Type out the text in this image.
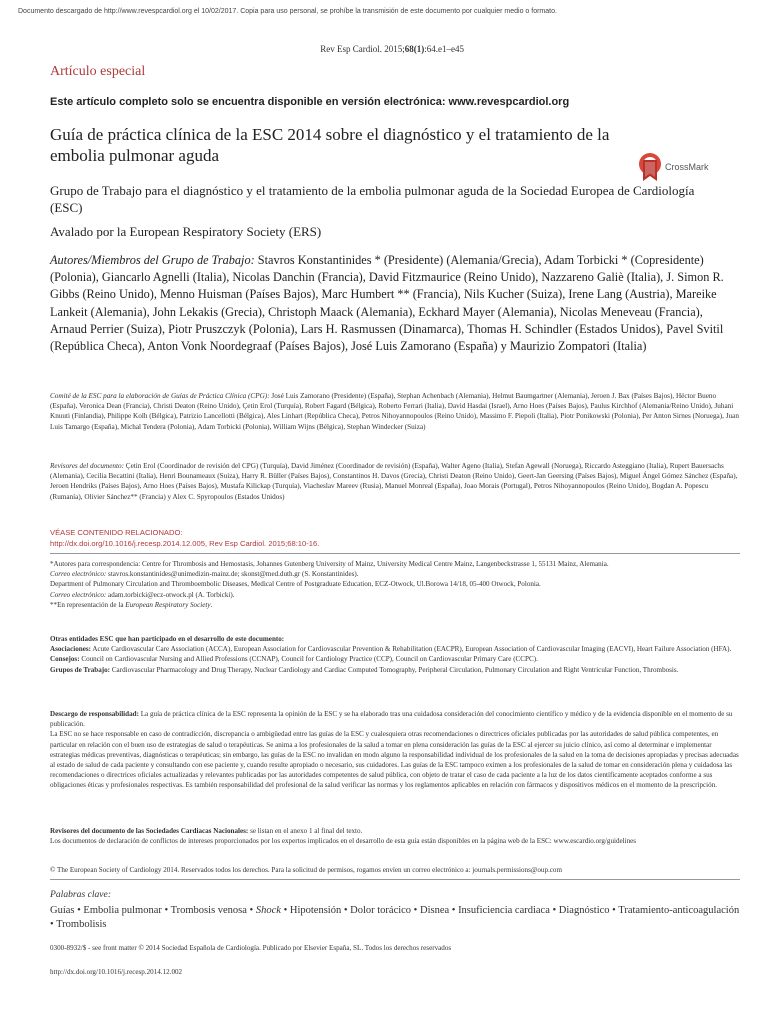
Documento descargado de http://www.revespcardiol.org el 10/02/2017. Copia para uso personal, se prohíbe la transmisión de este documento por cualquier medio o formato.
Rev Esp Cardiol. 2015;68(1):64.e1–e45
Artículo especial
Este artículo completo solo se encuentra disponible en versión electrónica: www.revespcardiol.org
Guía de práctica clínica de la ESC 2014 sobre el diagnóstico y el tratamiento de la embolia pulmonar aguda
CrossMark
Grupo de Trabajo para el diagnóstico y el tratamiento de la embolia pulmonar aguda de la Sociedad Europea de Cardiología (ESC)
Avalado por la European Respiratory Society (ERS)
Autores/Miembros del Grupo de Trabajo: Stavros Konstantinides * (Presidente) (Alemania/Grecia), Adam Torbicki * (Copresidente) (Polonia), Giancarlo Agnelli (Italia), Nicolas Danchin (Francia), David Fitzmaurice (Reino Unido), Nazzareno Galiè (Italia), J. Simon R. Gibbs (Reino Unido), Menno Huisman (Países Bajos), Marc Humbert ** (Francia), Nils Kucher (Suiza), Irene Lang (Austria), Mareike Lankeit (Alemania), John Lekakis (Grecia), Christoph Maack (Alemania), Eckhard Mayer (Alemania), Nicolas Meneveau (Francia), Arnaud Perrier (Suiza), Piotr Pruszczyk (Polonia), Lars H. Rasmussen (Dinamarca), Thomas H. Schindler (Estados Unidos), Pavel Svitil (República Checa), Anton Vonk Noordegraaf (Países Bajos), José Luis Zamorano (España) y Maurizio Zompatori (Italia)
Comité de la ESC para la elaboración de Guías de Práctica Clínica (CPG): José Luis Zamorano (Presidente) (España), Stephan Achenbach (Alemania), Helmut Baumgartner (Alemania), Jeroen J. Bax (Países Bajos), Héctor Bueno (España), Veronica Dean (Francia), Christi Deaton (Reino Unido), Çetin Erol (Turquía), Robert Fagard (Bélgica), Roberto Ferrari (Italia), David Hasdai (Israel), Arno Hoes (Países Bajos), Paulus Kirchhof (Alemania/Reino Unido), Juhani Knuuti (Finlandia), Philippe Kolh (Bélgica), Patrizio Lancellotti (Bélgica), Ales Linhart (República Checa), Petros Nihoyannopoulos (Reino Unido), Massimo F. Piepoli (Italia), Piotr Ponikowski (Polonia), Per Anton Sirnes (Noruega), Juan Luis Tamargo (España), Michal Tendera (Polonia), Adam Torbicki (Polonia), William Wijns (Bélgica), Stephan Windecker (Suiza)
Revisores del documento: Çetin Erol (Coordinador de revisión del CPG) (Turquía), David Jiménez (Coordinador de revisión) (España), Walter Ageno (Italia), Stefan Agewall (Noruega), Riccardo Asteggiano (Italia), Rupert Bauersachs (Alemania), Cecilia Becattini (Italia), Henri Bounameaux (Suiza), Harry R. Büller (Países Bajos), Constantinos H. Davos (Grecia), Christi Deaton (Reino Unido), Geert-Jan Geersing (Países Bajos), Miguel Ángel Gómez Sánchez (España), Jeroen Hendriks (Países Bajos), Arno Hoes (Países Bajos), Mustafa Kilickap (Turquía), Viacheslav Mareev (Rusia), Manuel Monreal (España), Joao Morais (Portugal), Petros Nihoyannopoulos (Reino Unido), Bogdan A. Popescu (Rumanía), Olivier Sánchez** (Francia) y Alex C. Spyropoulos (Estados Unidos)
VÉASE CONTENIDO RELACIONADO:
http://dx.doi.org/10.1016/j.recesp.2014.12.005, Rev Esp Cardiol. 2015;68:10-16.

*Autores para correspondencia: Centre for Thrombosis and Hemostasis, Johannes Gutenberg University of Mainz, University Medical Centre Mainz, Langenbeckstrasse 1, 55131 Mainz, Alemania.

Correo electrónico: stavros.konstantinides@unimedizin-mainz.de; skonst@med.duth.gr (S. Konstantinides).

Department of Pulmonary Circulation and Thromboembolic Diseases, Medical Centre of Postgraduate Education, ECZ-Otwock, Ul.Borowa 14/18, 05-400 Otwock, Polonia.

Correo electrónico: adam.torbicki@ecz-otwock.pl (A. Torbicki).

**En representación de la European Respiratory Society.

Otras entidades ESC que han participado en el desarrollo de este documento:

Asociaciones: Acute Cardiovascular Care Association (ACCA), European Association for Cardiovascular Prevention & Rehabilitation (EACPR), European Association of Cardiovascular Imaging (EACVI), Heart Failure Association (HFA).

Consejos: Council on Cardiovascular Nursing and Allied Professions (CCNAP), Council for Cardiology Practice (CCP), Council on Cardiovascular Primary Care (CCPC).

Grupos de Trabajo: Cardiovascular Pharmacology and Drug Therapy, Nuclear Cardiology and Cardiac Computed Tomography, Peripheral Circulation, Pulmonary Circulation and Right Ventricular Function, Thrombosis.

Descargo de responsabilidad: La guía de práctica clínica de la ESC representa la opinión de la ESC y se ha elaborado tras una cuidadosa consideración del conocimiento científico y médico y de la evidencia disponible en el momento de su publicación.

La ESC no se hace responsable en caso de contradicción, discrepancia o ambigüedad entre las guías de la ESC y cualesquiera otras recomendaciones o directrices oficiales publicadas por las autoridades de salud pública competentes, en particular en relación con el buen uso de estrategias de salud o terapéuticas. Se anima a los profesionales de la salud a tomar en plena consideración las guías de la ESC al ejercer su juicio clínico, así como al determinar e implementar estrategias médicas preventivas, diagnósticas o terapéuticas; sin embargo, las guías de la ESC no invalidan en modo alguno la responsabilidad individual de los profesionales de la salud en la toma de decisiones apropiadas y precisas adecuadas al estado de salud de cada paciente y consultando con ese paciente y, cuando resulte apropiado o necesario, sus cuidadores. Las guías de la ESC tampoco eximen a los profesionales de la salud de tomar en consideración plena y cuidadosa las recomendaciones o directrices oficiales actualizadas y relevantes publicadas por las autoridades competentes de salud pública, con objeto de tratar el caso de cada paciente a la luz de los datos científicamente aceptados conforme a sus obligaciones éticas y profesionales respectivas. Es también responsabilidad del profesional de la salud verificar las normas y los reglamentos aplicables en relación con fármacos y dispositivos médicos en el momento de la prescripción.

Revisores del documento de las Sociedades Cardiacas Nacionales: se listan en el anexo 1 al final del texto.

Los documentos de declaración de conflictos de intereses proporcionados por los expertos implicados en el desarrollo de esta guía están disponibles en la página web de la ESC: www.escardio.org/guidelines

© The European Society of Cardiology 2014. Reservados todos los derechos. Para la solicitud de permisos, rogamos envíen un correo electrónico a: journals.permissions@oup.com
Palabras clave:
Guías • Embolia pulmonar • Trombosis venosa • Shock • Hipotensión • Dolor torácico • Disnea • Insuficiencia cardiaca • Diagnóstico • Tratamiento-anticoagulación • Trombolisis
0300-8932/$ - see front matter © 2014 Sociedad Española de Cardiología. Publicado por Elsevier España, SL. Todos los derechos reservados
http://dx.doi.org/10.1016/j.recesp.2014.12.002
